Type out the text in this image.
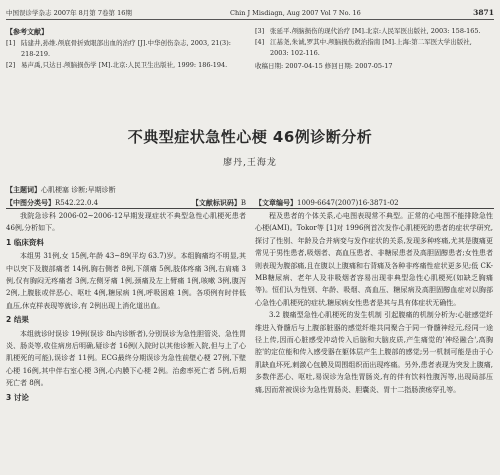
中国误诊学杂志 2007年 8月第 7卷第 16期	Chin J Misdiagn, Aug 2007 Vol 7 No. 16	3871
【参考文献】
[1] 陆建井,孙维.颅底骨折致眼部出血的治疗 [J].中华创伤杂志, 2003, 21(3): 218-219.
[2] 易声禹,只达日.颅脑损伤学 [M].北京:人民卫生出版社, 1999: 186-194.
[3] 张延平.颅脑损伤的现代治疗 [M].北京:人民军医出版社, 2003: 158-165.
[4] 江基尧,朱诚,罗其中.颅脑损伤救治指南 [M].上海:第二军医大学出版社, 2003: 102-116.
收稿日期: 2007-04-15 修回日期: 2007-05-17
不典型症状急性心梗 46例诊断分析
廖丹,王海龙
【主题词】心肌梗塞 诊断;早期诊断
【中图分类号】R542.22.0.4	【文献标识码】B 【文章编号】1009-6647(2007)16-3871-02

我院急诊科 2006-02~2006-12早期发现症状不典型急性心肌梗死患者 46例,分析如下。

1 临床资料

本组男 31例,女 15例,年龄 43~89(平均 63.7)岁。本组胸痛均不明显,其中以突下及腹部痛者 14例,胸右侧者 8例,下颌痛 5例,肢体疼痛 3例,右肩痛 3例,仅有胸闷无疼痛者 3例,左侧牙痛 1例,颈痛及左上臂痛 1例,咳嗽 3例,腹泻 2例,上腹胀或伴恶心、呕吐 4例,糖尿病 1例,呼吸困难 1例。各项例有时伴低血压,休克样表现等就诊,有 2例出现上消化道出血。

2 结果

本组就诊时误诊 19例(误诊 8h内诊断者),分别误诊为急性胆管炎、急性胃炎、肠炎等,收住病房后明确,疑诊者 16例(入院时以其他诊断入院,但与上了心肌梗死的可能),误诊者 11例。ECG最终分期误诊为急性前壁心梗 27例,下壁心梗 16例,其中伴右室心梗 3例,心内膜下心梗 2例。治愈率死亡者 5例,后期死亡者 8例。

3 讨论

程及患者的个体关系,心电图表现常不典型。正常的心电图不能排除急性心梗(AMI)。Tokor等 [1]对 1996例首次发作心肌梗死的患者的症状学研究,探讨了性别、年龄及合并病变与发作症状的关系,发现多种疼痛,尤其是腹痛更常见于男性患者,吸烟者、高血压患者、非糖尿患者及高胆固醇患者;女性患者则表现为腹部痛,且在腹以上腹痛和右背痛及各种非疼痛性症状更多见;低 CK-MB糖尿病、老年人及非吸烟者容易出现非典型急性心肌梗死(如缺乏胸痛等)。恒们认为性别、年龄、吸烟、高血压、糖尿病及高胆固醇血症对以胸部心急性心肌梗死的症状,糖尿病女性患者是其与具有体症状无确性。

3.2 腹痛型急性心肌梗死的发生机制 引起腹痛的机制分析为:心脏感觉纤维进入脊髓后与上腹部脏器的感觉纤维共同聚合于同一脊髓神经元,经同一途径上传,因而心脏感受冲动传入后脑和大脑皮质,产生痛觉的'神经融合',高胸腔'的定位能和传入感受器在躯体层产生上腹部的感觉;另一机制可能是由于心肌缺血坏死,刺激心包膜及周围组织而出现疼痛。另外,患者表现为突发上腹痛,多数伴恶心、呕吐,易误诊为急性胃肠炎,有的伴有饮料性腹泻等,出现局部压痛,因而常被误诊为急性胃肠炎、胆囊炎、胃十二指肠溃疡穿孔等。
